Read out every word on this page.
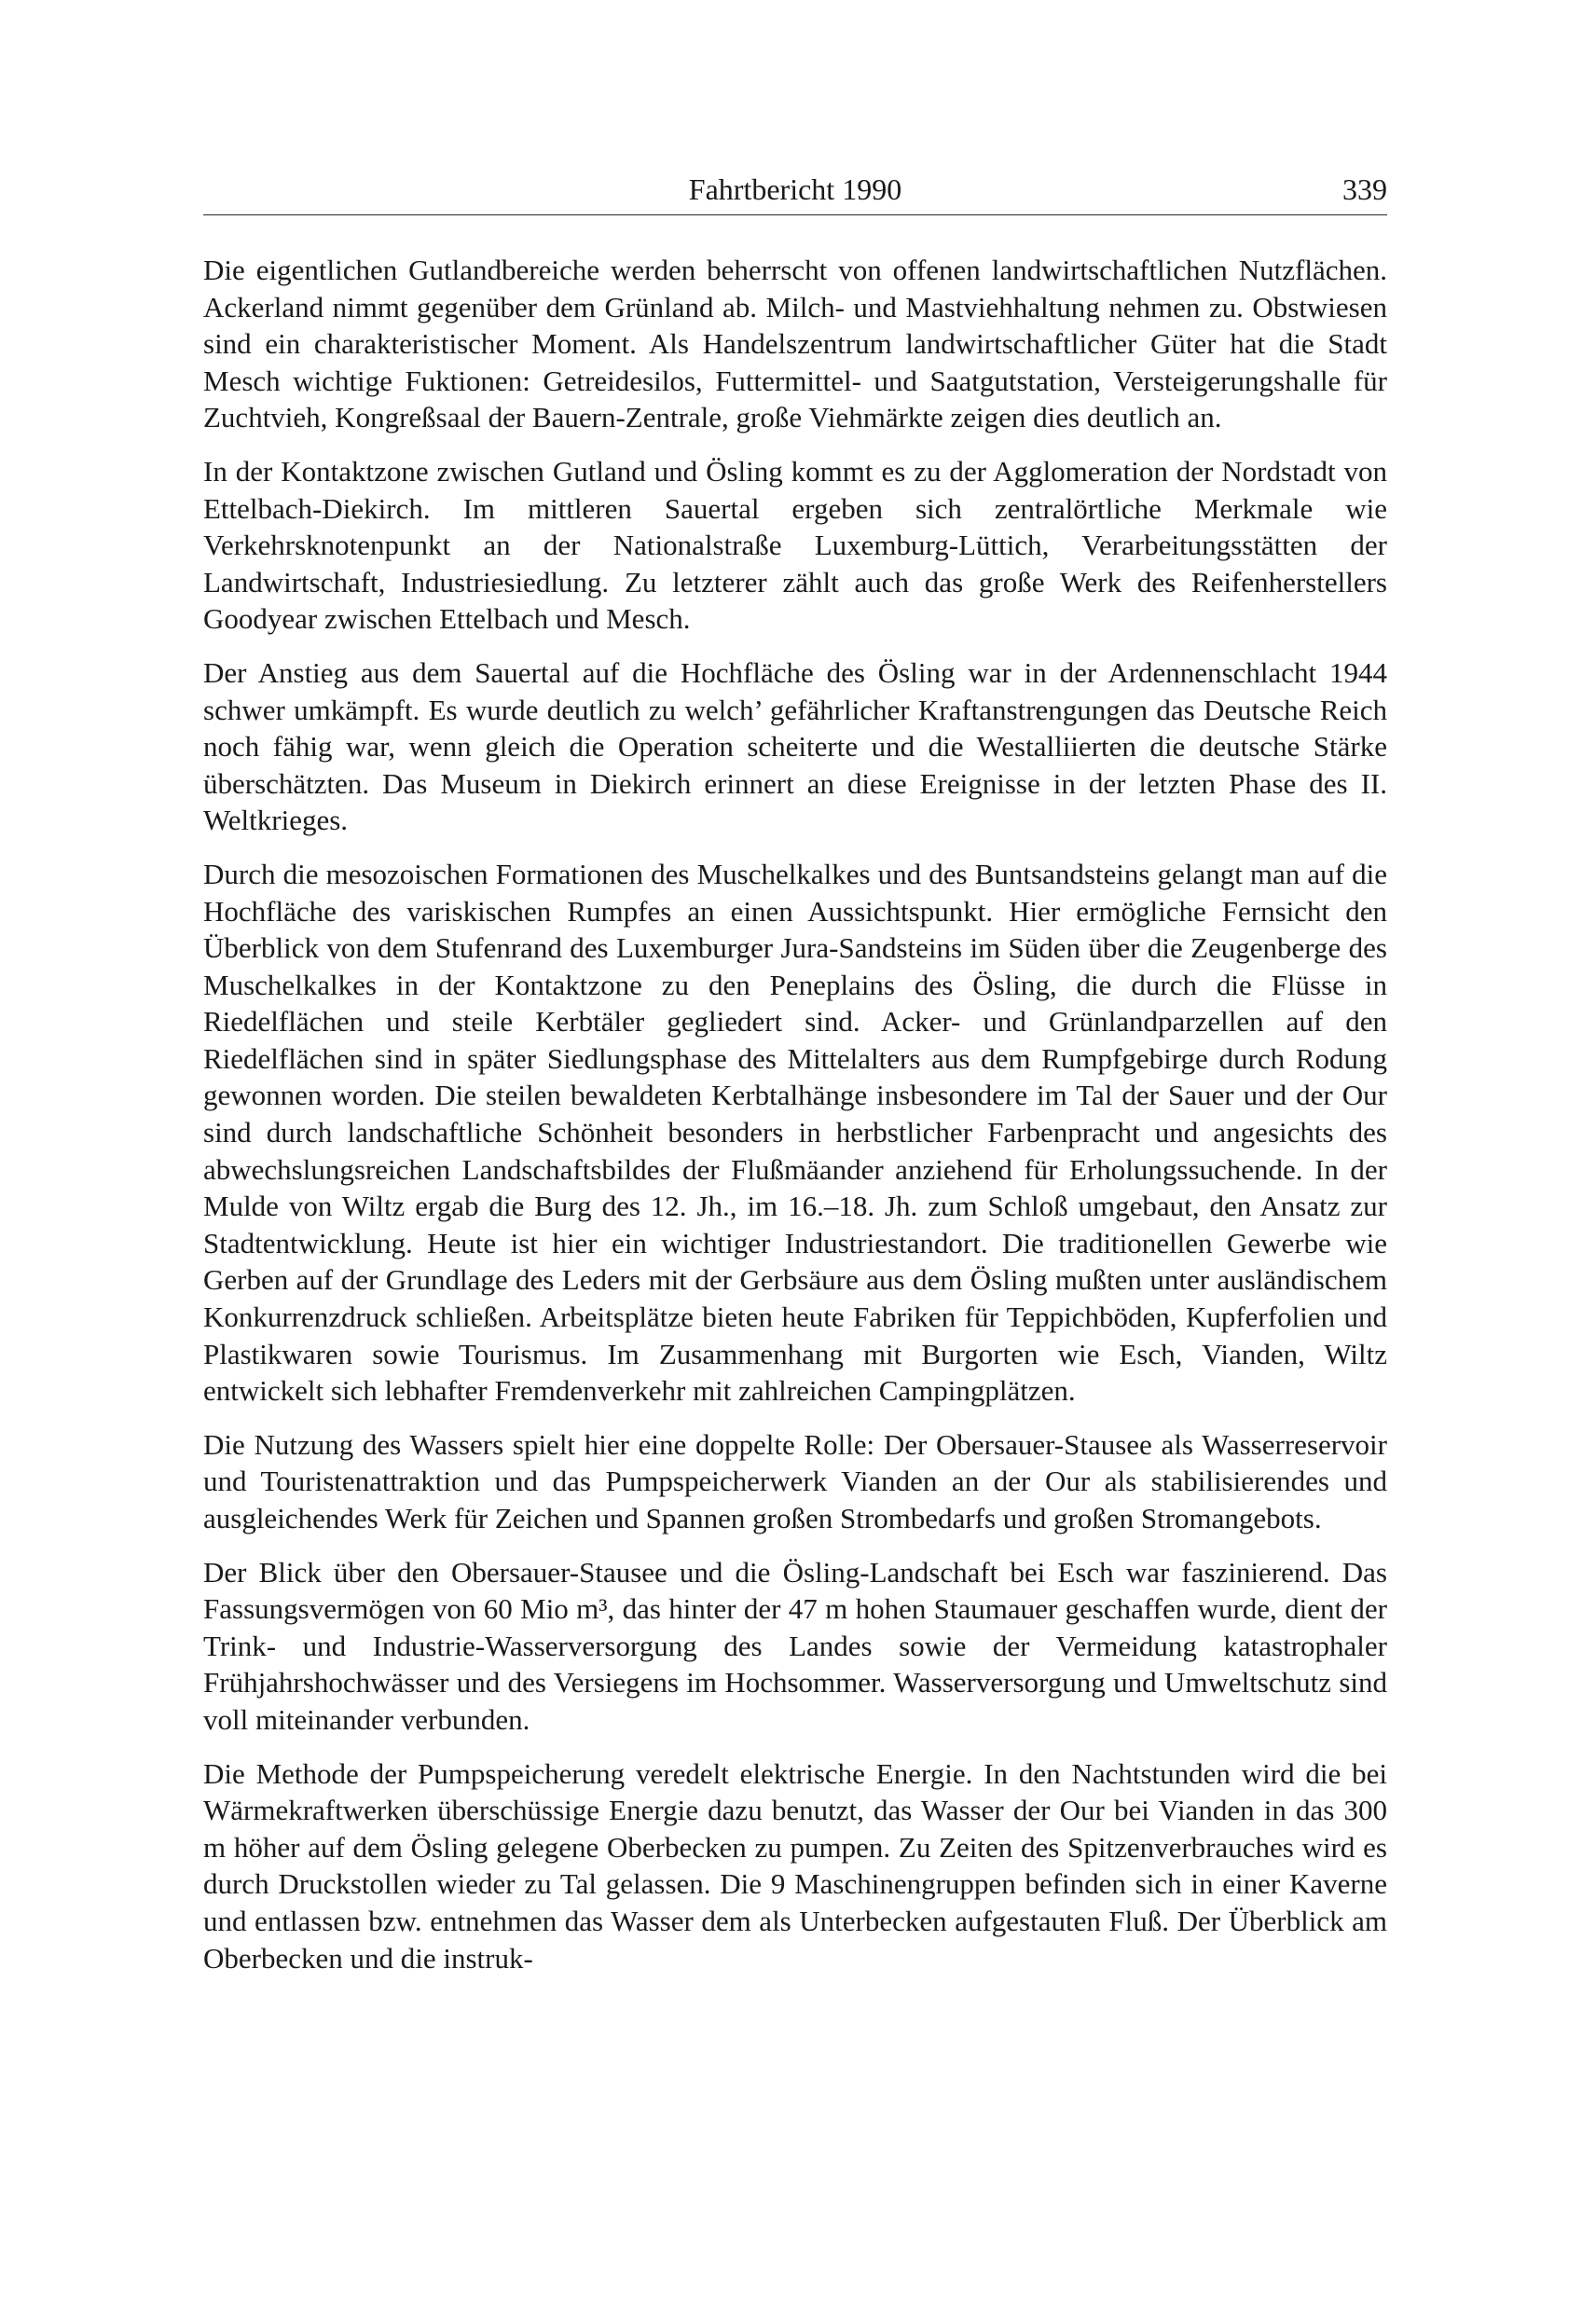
Fahrtbericht 1990	339

Die eigentlichen Gutlandbereiche werden beherrscht von offenen landwirtschaftlichen Nutzflächen. Ackerland nimmt gegenüber dem Grünland ab. Milch- und Mastviehhaltung nehmen zu. Obstwiesen sind ein charakteristischer Moment. Als Handelszentrum landwirtschaftlicher Güter hat die Stadt Mesch wichtige Fuktionen: Getreidesilos, Futtermittel- und Saatgutstation, Versteigerungshalle für Zuchtvieh, Kongreßsaal der Bauern-Zentrale, große Viehmärkte zeigen dies deutlich an.

In der Kontaktzone zwischen Gutland und Ösling kommt es zu der Agglomeration der Nordstadt von Ettelbach-Diekirch. Im mittleren Sauertal ergeben sich zentralörtliche Merkmale wie Verkehrsknotenpunkt an der Nationalstraße Luxemburg-Lüttich, Verarbeitungsstätten der Landwirtschaft, Industriesiedlung. Zu letzterer zählt auch das große Werk des Reifenherstellers Goodyear zwischen Ettelbach und Mesch.

Der Anstieg aus dem Sauertal auf die Hochfläche des Ösling war in der Ardennenschlacht 1944 schwer umkämpft. Es wurde deutlich zu welch’ gefährlicher Kraftanstrengungen das Deutsche Reich noch fähig war, wenn gleich die Operation scheiterte und die Westalliierten die deutsche Stärke überschätzten. Das Museum in Diekirch erinnert an diese Ereignisse in der letzten Phase des II. Weltkrieges.

Durch die mesozoischen Formationen des Muschelkalkes und des Buntsandsteins gelangt man auf die Hochfläche des variskischen Rumpfes an einen Aussichtspunkt. Hier ermögliche Fernsicht den Überblick von dem Stufenrand des Luxemburger Jura-Sandsteins im Süden über die Zeugenberge des Muschelkalkes in der Kontaktzone zu den Peneplains des Ösling, die durch die Flüsse in Riedelflächen und steile Kerbtäler gegliedert sind. Acker- und Grünlandparzellen auf den Riedelflächen sind in später Siedlungsphase des Mittelalters aus dem Rumpfgebirge durch Rodung gewonnen worden. Die steilen bewaldeten Kerbtalhänge insbesondere im Tal der Sauer und der Our sind durch landschaftliche Schönheit besonders in herbstlicher Farbenpracht und angesichts des abwechslungsreichen Landschaftsbildes der Flußmäander anziehend für Erholungssuchende. In der Mulde von Wiltz ergab die Burg des 12. Jh., im 16.–18. Jh. zum Schloß umgebaut, den Ansatz zur Stadtentwicklung. Heute ist hier ein wichtiger Industriestandort. Die traditionellen Gewerbe wie Gerben auf der Grundlage des Leders mit der Gerbsäure aus dem Ösling mußten unter ausländischem Konkurrenzdruck schließen. Arbeitsplätze bieten heute Fabriken für Teppichböden, Kupferfolien und Plastikwaren sowie Tourismus. Im Zusammenhang mit Burgorten wie Esch, Vianden, Wiltz entwickelt sich lebhafter Fremdenverkehr mit zahlreichen Campingplätzen.

Die Nutzung des Wassers spielt hier eine doppelte Rolle: Der Obersauer-Stausee als Wasserreservoir und Touristenattraktion und das Pumpspeicherwerk Vianden an der Our als stabilisierendes und ausgleichendes Werk für Zeichen und Spannen großen Strombedarfs und großen Stromangebots.

Der Blick über den Obersauer-Stausee und die Ösling-Landschaft bei Esch war faszinierend. Das Fassungsvermögen von 60 Mio m³, das hinter der 47 m hohen Staumauer geschaffen wurde, dient der Trink- und Industrie-Wasserversorgung des Landes sowie der Vermeidung katastrophaler Frühjahrshochwässer und des Versiegens im Hochsommer. Wasserversorgung und Umweltschutz sind voll miteinander verbunden.

Die Methode der Pumpspeicherung veredelt elektrische Energie. In den Nachtstunden wird die bei Wärmekraftwerken überschüssige Energie dazu benutzt, das Wasser der Our bei Vianden in das 300 m höher auf dem Ösling gelegene Oberbecken zu pumpen. Zu Zeiten des Spitzenverbrauches wird es durch Druckstollen wieder zu Tal gelassen. Die 9 Maschinengruppen befinden sich in einer Kaverne und entlassen bzw. entnehmen das Wasser dem als Unterbecken aufgestauten Fluß. Der Überblick am Oberbecken und die instruk-
